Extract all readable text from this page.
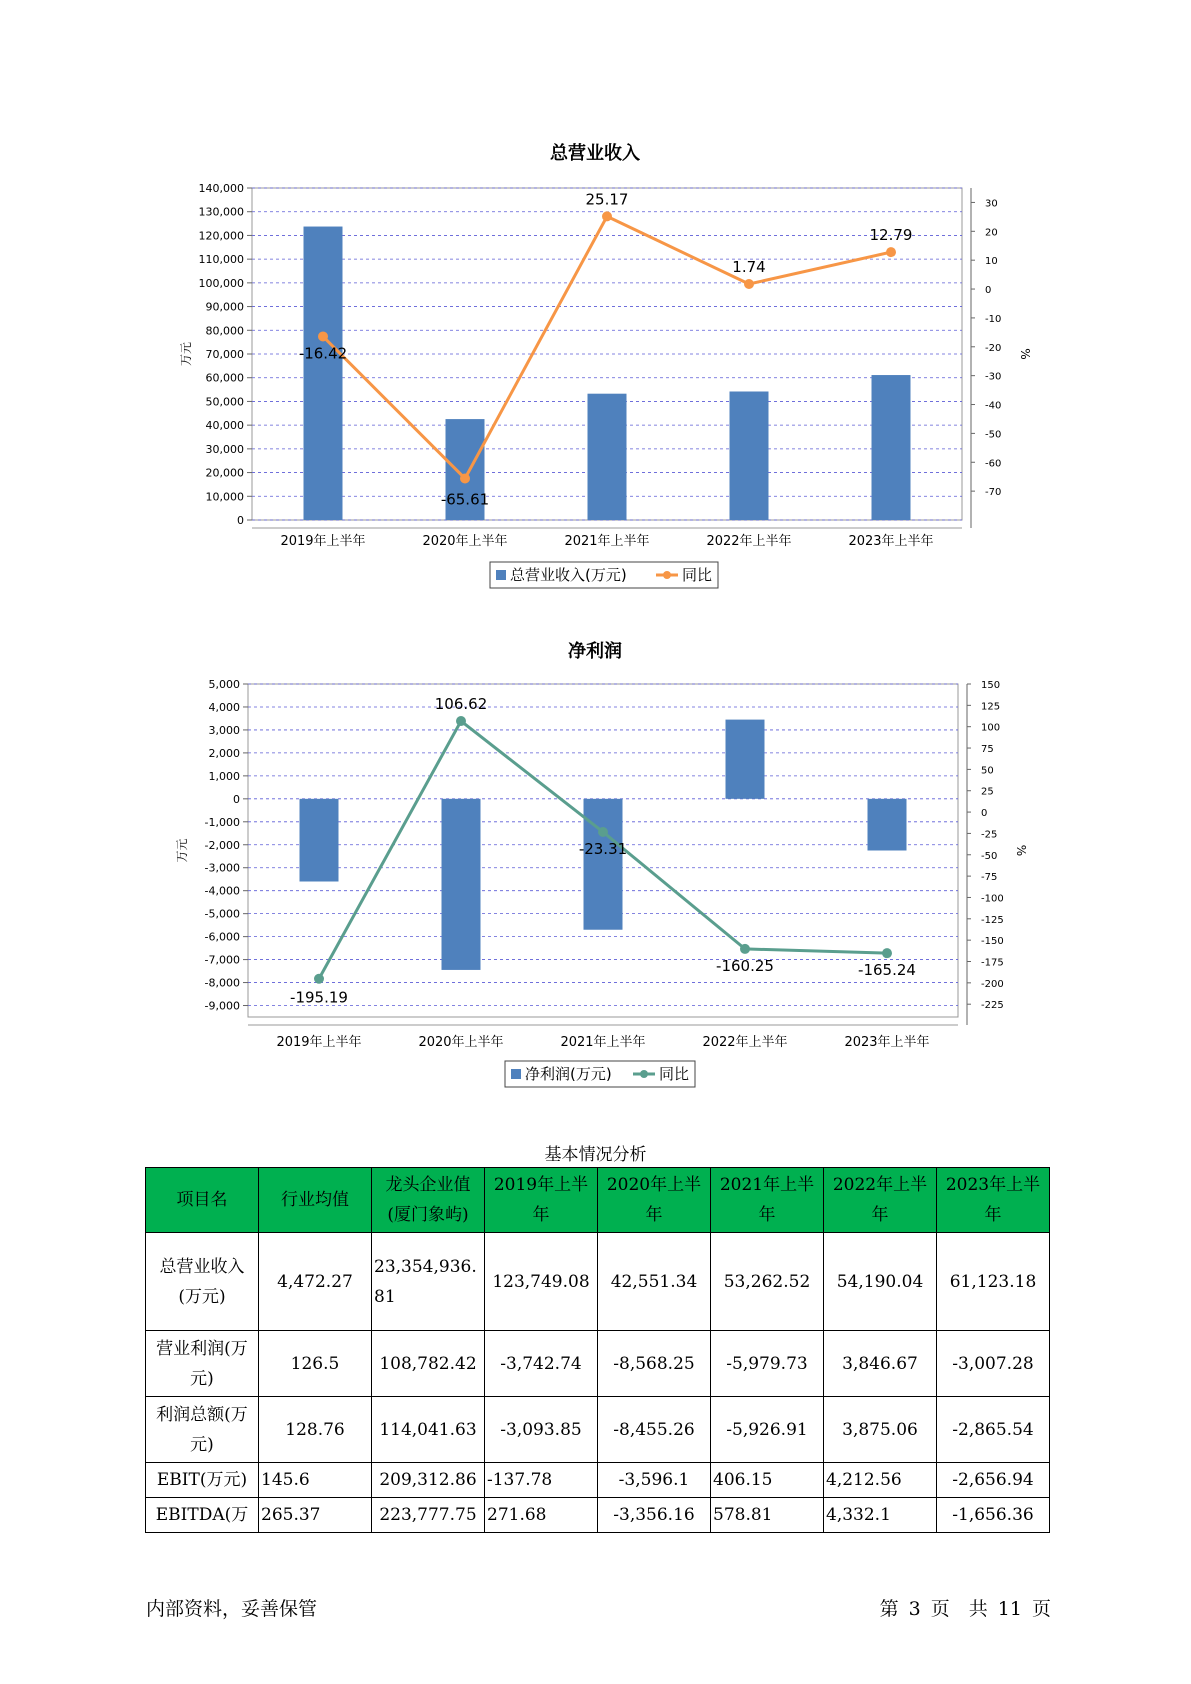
总营业收入
0
10,000
20,000
30,000
40,000
50,000
60,000
70,000
80,000
90,000
100,000
110,000
120,000
130,000
140,000
30
20
10
0
-10
-20
-30
-40
-50
-60
-70
万元	%
2019年上半年	2020年上半年	2021年上半年	2022年上半年	2023年上半年
-16.42
-65.61
25.17
1.74
12.79
总营业收入(万元)	同比
净利润
5,000
4,000
3,000
2,000
1,000
0
-1,000
-2,000
-3,000
-4,000
-5,000
-6,000
-7,000
-8,000
-9,000
150
125
100
75
50
25
0
-25
-50
-75
-100
-125
-150
-175
-200
-225
万元	%
2019年上半年	2020年上半年	2021年上半年	2022年上半年	2023年上半年
-195.19
106.62
-23.31
-160.25	-165.24
净利润(万元)	同比
基本情况分析
项目名	行业均值	龙头企业值(厦门象屿)	2019年上半年	2020年上半年	2021年上半年	2022年上半年	2023年上半年
总营业收入(万元)	4,472.27	23,354,936.81	123,749.08	42,551.34	53,262.52	54,190.04	61,123.18
营业利润(万元)	126.5	108,782.42	-3,742.74	-8,568.25	-5,979.73	3,846.67	-3,007.28
利润总额(万元)	128.76	114,041.63	-3,093.85	-8,455.26	-5,926.91	3,875.06	-2,865.54
EBIT(万元)	145.6	209,312.86	-137.78	-3,596.1	406.15	4,212.56	-2,656.94
EBITDA(万	265.37	223,777.75	271.68	-3,356.16	578.81	4,332.1	-1,656.36
内部资料，妥善保管	第 3 页　共 11 页
